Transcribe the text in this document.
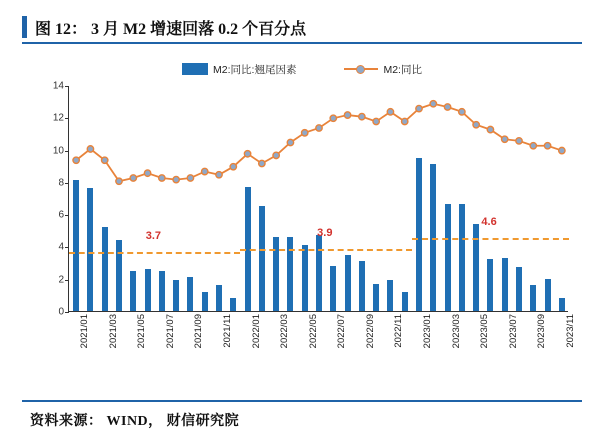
图 12： 3 月 M2 增速回落 0.2 个百分点
M2:同比:翘尾因素	M2:同比
0
2
4
6
8
10
12
14
3.7	3.9
4.6
2021/01 2021/03 2021/05 2021/07 2021/09 2021/11 2022/01 2022/03 2022/05 2022/07 2022/09 2022/11 2023/01 2023/03 2023/05 2023/07 2023/09 2023/11
资料来源： WIND， 财信研究院
